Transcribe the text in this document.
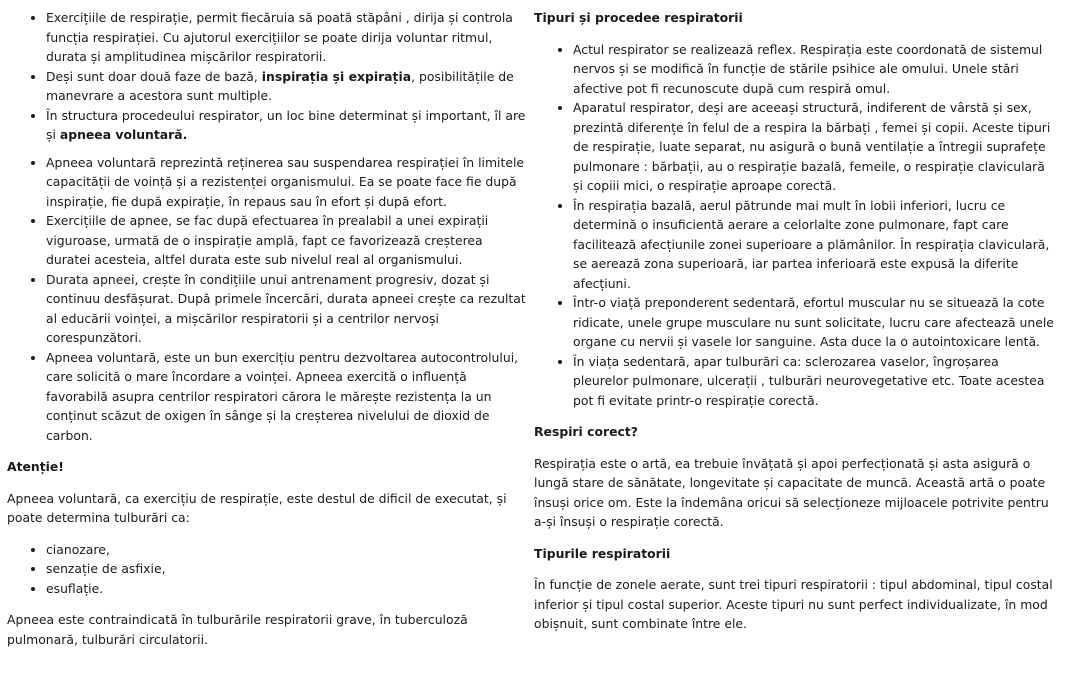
• Exercițiile de respirație, permit fiecăruia să poată stăpâni , dirija și controla funcția respirației. Cu ajutorul exercițiilor se poate dirija voluntar ritmul, durata și amplitudinea mișcărilor respiratorii.
• Deși sunt doar două faze de bază, inspirația și expirația, posibilitățile de manevrare a acestora sunt multiple.
• În structura procedeului respirator, un loc bine determinat și important, îl are și apneea voluntară.
• Apneea voluntară reprezintă reținerea sau suspendarea respirației în limitele capacității de voință și a rezistenței organismului. Ea se poate face fie după inspirație, fie după expirație, în repaus sau în efort și după efort.
• Exercițiile de apnee, se fac după efectuarea în prealabil a unei expirații viguroase, urmată de o inspirație amplă, fapt ce favorizează creșterea duratei acesteia, altfel durata este sub nivelul real al organismului.
• Durata apneei, crește în condițiile unui antrenament progresiv, dozat și continuu desfășurat. După primele încercări, durata apneei crește ca rezultat al educării voinței, a mișcărilor respiratorii și a centrilor nervoși corespunzători.
• Apneea voluntară, este un bun exercițiu pentru dezvoltarea autocontrolului, care solicită o mare încordare a voinței. Apneea exercită o influență favorabilă asupra centrilor respiratori cărora le mărește rezistența la un conținut scăzut de oxigen în sânge și la creșterea nivelului de dioxid de carbon.
Atenție!

Apneea voluntară, ca exercițiu de respirație, este destul de dificil de executat, și poate determina tulburări ca:

• cianozare,
• senzație de asfixie,
• esuflație.

Apneea este contraindicată în tulburările respiratorii grave, în tuberculoză pulmonară, tulburări circulatorii.

Tipuri și procedee respiratorii
• Actul respirator se realizează reflex. Respirația este coordonată de sistemul nervos și se modifică în funcție de stările psihice ale omului. Unele stări afective pot fi recunoscute după cum respiră omul.
• Aparatul respirator, deși are aceeași structură, indiferent de vârstă și sex, prezintă diferențe în felul de a respira la bărbați , femei și copii. Aceste tipuri de respirație, luate separat, nu asigură o bună ventilație a întregii suprafețe pulmonare : bărbații, au o respirație bazală, femeile, o respirație claviculară și copiii mici, o respirație aproape corectă.
• În respirația bazală, aerul pătrunde mai mult în lobii inferiori, lucru ce determină o insuficientă aerare a celorlalte zone pulmonare, fapt care facilitează afecțiunile zonei superioare a plămânilor. În respirația claviculară, se aerează zona superioară, iar partea inferioară este expusă la diferite afecțiuni.
• Într-o viață preponderent sedentară, efortul muscular nu se situează la cote ridicate, unele grupe musculare nu sunt solicitate, lucru care afectează unele organe cu nervii și vasele lor sanguine. Asta duce la o autointoxicare lentă.
• În viața sedentară, apar tulburări ca: sclerozarea vaselor, îngroșarea pleurelor pulmonare, ulcerații , tulburări neurovegetative etc. Toate acestea pot fi evitate printr-o respirație corectă.
Respiri corect?

Respirația este o artă, ea trebuie învățată și apoi perfecționată și asta asigură o lungă stare de sănătate, longevitate și capacitate de muncă. Această artă o poate însuși orice om. Este la îndemâna oricui să selecționeze mijloacele potrivite pentru a-și însuși o respirație corectă.

Tipurile respiratorii

În funcție de zonele aerate, sunt trei tipuri respiratorii : tipul abdominal, tipul costal inferior și tipul costal superior. Aceste tipuri nu sunt perfect individualizate, în mod obișnuit, sunt combinate între ele.
